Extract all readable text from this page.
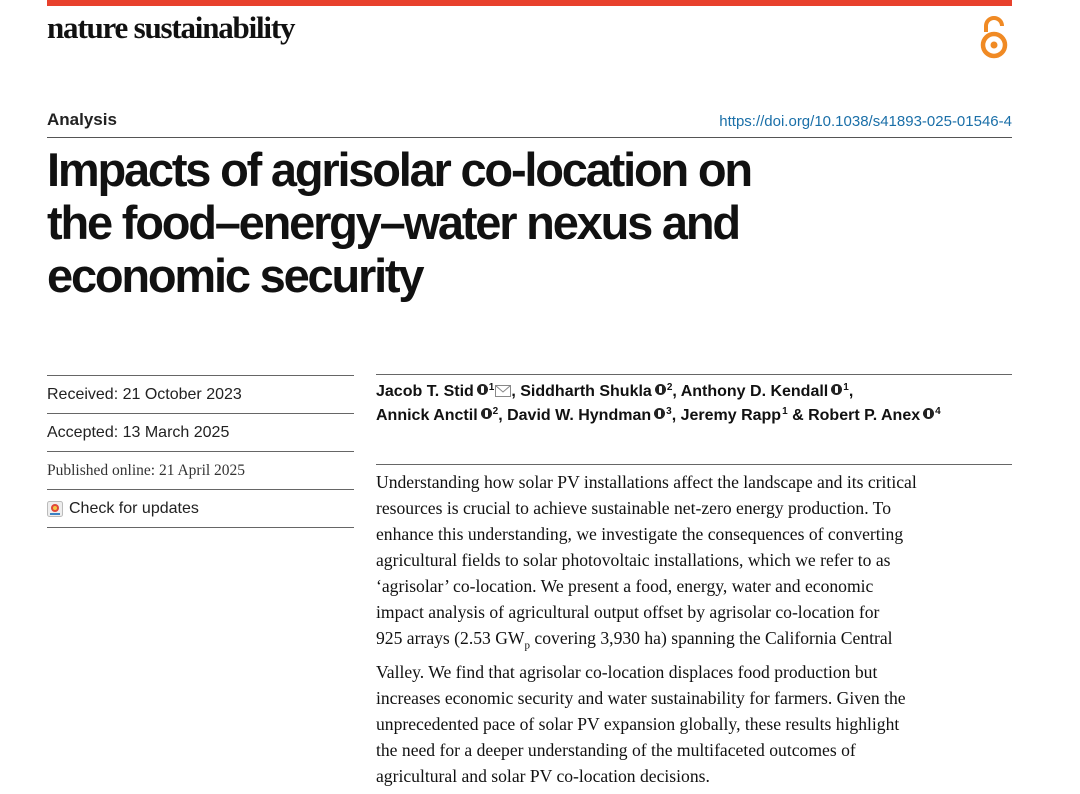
nature sustainability
Analysis	https://doi.org/10.1038/s41893-025-01546-4
Impacts of agrisolar co-location on
the food–energy–water nexus and
economic security
Received: 21 October 2023
Accepted: 13 March 2025
Published online: 21 April 2025
Check for updates
Jacob T. Stid $^1$ , Siddharth Shukla $^2$, Anthony D. Kendall $^1$,
Annick Anctil $^2$, David W. Hyndman $^3$, Jeremy Rapp$^1$ & Robert P. Anex $^4$
Understanding how solar PV installations affect the landscape and its critical
resources is crucial to achieve sustainable net-zero energy production. To
enhance this understanding, we investigate the consequences of converting
agricultural fields to solar photovoltaic installations, which we refer to as
‘agrisolar’ co-location. We present a food, energy, water and economic
impact analysis of agricultural output offset by agrisolar co-location for
925 arrays (2.53 $GW_p$ covering 3,930 ha) spanning the California Central
Valley. We find that agrisolar co-location displaces food production but
increases economic security and water sustainability for farmers. Given the
unprecedented pace of solar PV expansion globally, these results highlight
the need for a deeper understanding of the multifaceted outcomes of
agricultural and solar PV co-location decisions.
